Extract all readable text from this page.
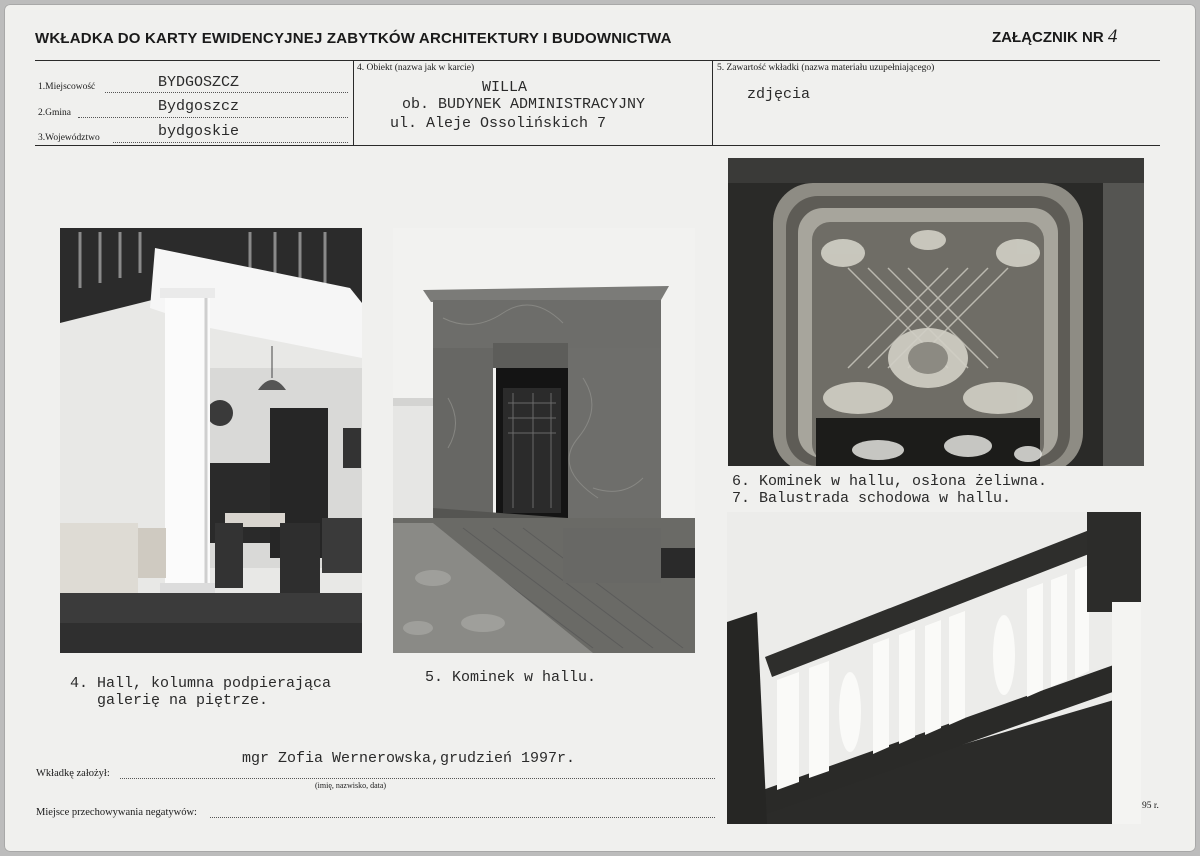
WKŁADKA DO KARTY EWIDENCYJNEJ ZABYTKÓW ARCHITEKTURY I BUDOWNICTWA	ZAŁĄCZNIK NR 4
1.Miejscowość	BYDGOSZCZ
2.Gmina	Bydgoszcz
3.Województwo	bydgoskie
4. Obiekt (nazwa jak w karcie)
WILLA
ob. BUDYNEK ADMINISTRACYJNY
ul. Aleje Ossolińskich 7
5. Zawartość wkładki (nazwa materiału uzupełniającego)
zdjęcia
4. Hall, kolumna podpierająca
galerię na piętrze.
5. Kominek w hallu.
6. Kominek w hallu, osłona żeliwna.
7. Balustrada schodowa w hallu.
mgr Zofia Wernerowska,grudzień 1997r.
Wkładkę założył:
(imię, nazwisko, data)
Miejsce przechowywania negatywów:
95 r.
